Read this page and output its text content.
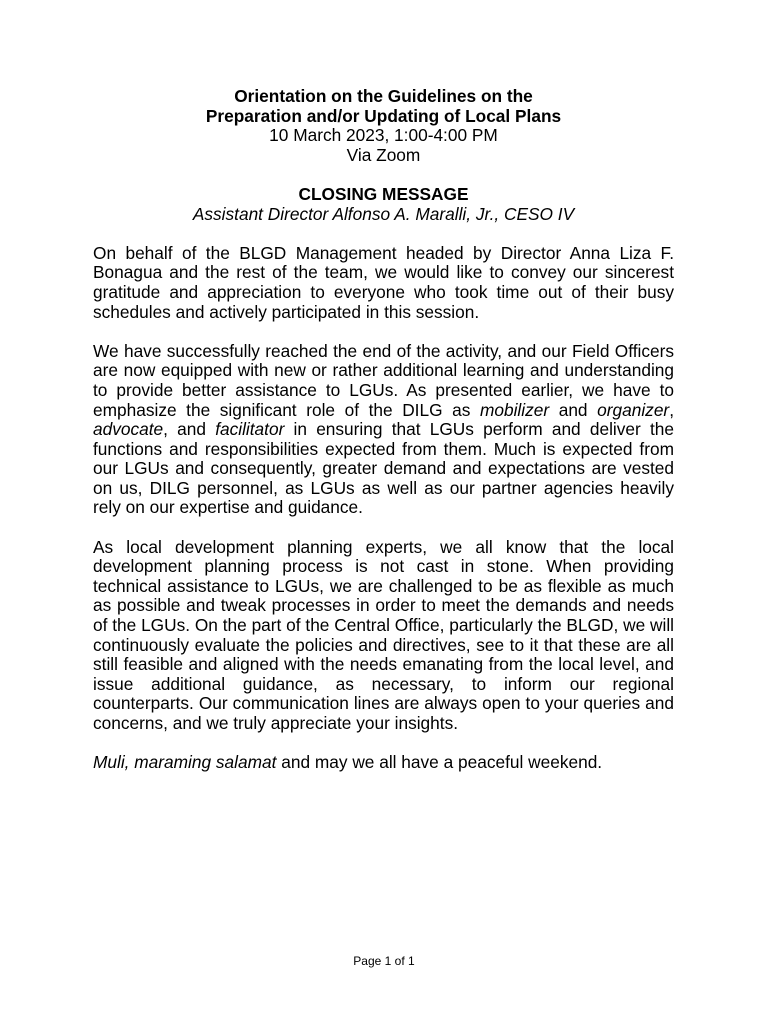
Orientation on the Guidelines on the
Preparation and/or Updating of Local Plans
10 March 2023, 1:00-4:00 PM
Via Zoom
CLOSING MESSAGE
Assistant Director Alfonso A. Maralli, Jr., CESO IV

On behalf of the BLGD Management headed by Director Anna Liza F. Bonagua and the rest of the team, we would like to convey our sincerest gratitude and appreciation to everyone who took time out of their busy schedules and actively participated in this session.

We have successfully reached the end of the activity, and our Field Officers are now equipped with new or rather additional learning and understanding to provide better assistance to LGUs. As presented earlier, we have to emphasize the significant role of the DILG as mobilizer and organizer, advocate, and facilitator in ensuring that LGUs perform and deliver the functions and responsibilities expected from them. Much is expected from our LGUs and consequently, greater demand and expectations are vested on us, DILG personnel, as LGUs as well as our partner agencies heavily rely on our expertise and guidance.

As local development planning experts, we all know that the local development planning process is not cast in stone. When providing technical assistance to LGUs, we are challenged to be as flexible as much as possible and tweak processes in order to meet the demands and needs of the LGUs. On the part of the Central Office, particularly the BLGD, we will continuously evaluate the policies and directives, see to it that these are all still feasible and aligned with the needs emanating from the local level, and issue additional guidance, as necessary, to inform our regional counterparts. Our communication lines are always open to your queries and concerns, and we truly appreciate your insights.

Muli, maraming salamat and may we all have a peaceful weekend.

Page 1 of 1
